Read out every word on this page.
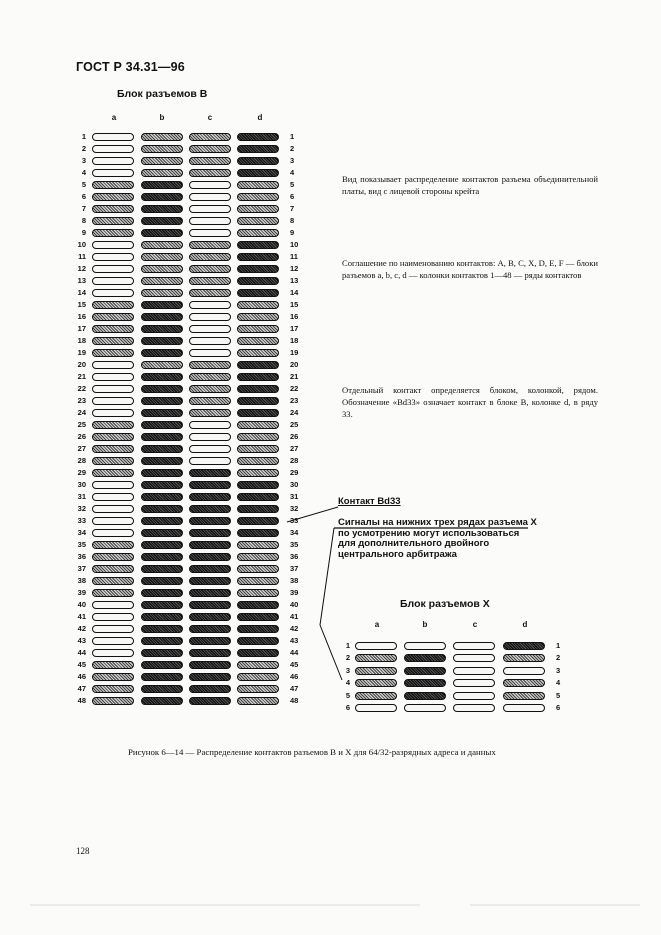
ГОСТ Р 34.31—96
Блок разъемов B
a	b	c	d
Вид показывает распределение контактов разъема объединительной платы, вид с лицевой стороны крейта
Соглашение по наименованию контактов: A, B, C, X, D, E, F — блоки разъемов a, b, c, d — колонки контактов 1—48 — ряды контактов
Отдельный контакт определяется блоком, колонкой, рядом. Обозначение «Bd33» означает контакт в блоке B, колонке d, в ряду 33.
Контакт Bd33
Сигналы на нижних трех рядах разъема X по усмотрению могут использоваться для дополнительного двойного центрального арбитража
Блок разъемов X
a	b	c	d
Рисунок 6—14 — Распределение контактов разъемов B и X для 64/32-разрядных адреса и данных
128
1	1
2	2
3	3
4	4
5	5
6	6
7	7
8	8
9	9
10	10
11	11
12	12
13	13
14	14
15	15
16	16
17	17
18	18
19	19
20	20
21	21
22	22
23	23
24	24
25	25
26	26
27	27
28	28
29	29
30	30
31	31
32	32
33	33
34	34
35	35
36	36
37	37
38	38
39	39
40	40
41	41
42	42
43	43
44	44
45	45
46	46
47	47
48	48
1	1
2	2
3	3
4	4
5	5
6	6
